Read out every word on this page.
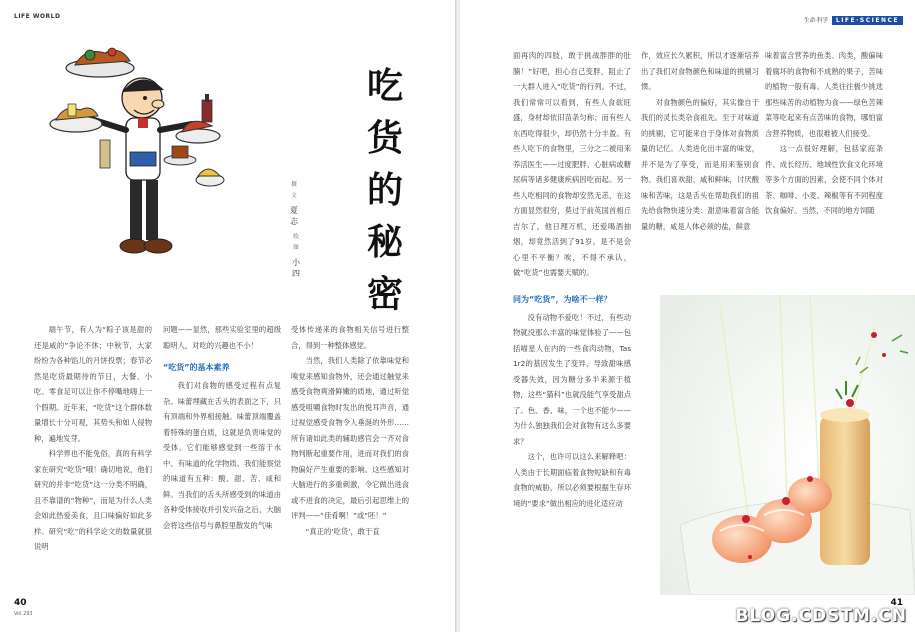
LIFE WORLD
吃
货
的
秘
密
撰文
夏志
绘图
小四

端午节，有人为“粽子该是甜的还是咸的”争论不休；中秋节，大家纷纷为各种馅儿的月饼投票；春节必然是吃货最期待的节日，大餐、小吃、零食足可以让你不停嘴地嗨上一个假期。近年来，“吃货”这个群体数量增长十分可观，其势头和如人侵物种，遍地发芽。

科学界也不能免俗，真的有科学家在研究“吃货”哦！确切地说，他们研究的并非“吃货”这一分类不明确，且不靠谱的“物种”，而是为什么人类会如此热爱美食，且口味偏好如此多样。研究“吃”的科学论文的数量就很说明

问题——显然，那些实验室里的超级聪明人，对吃的兴趣也不小！

“吃货”的基本素养

我们对食物的感受过程有点复杂。味蕾埋藏在舌头的表面之下，只有顶端和外界相接触。味蕾顶端覆盖着特殊的蛋白质，这就是负责味觉的受体。它们能够感觉到一些溶于水中、有味道的化学物质。我们能察觉的味道有五种：酸、甜、苦、咸和鲜。当我们的舌头所感受到的味道由各种受体接收并引发兴奋之后，大脑会将这些信号与鼻腔里散发的气味

受体传递来的食物相关信号进行整合，得到一种整体感觉。

当然，我们人类除了依靠味觉和嗅觉来感知食物外，还会通过触觉来感受食物爽滑鲜嫩的质地，通过听觉感受咀嚼食物时发出的悦耳声音，通过视觉感受食物令人垂涎的外形……所有诸如此类的辅助感官会一齐对食物判断起重要作用，进而对我们的食物偏好产生重要的影响。这些感知对大脑进行的多重刺激，令它做出进食或不进食的决定，最后引起思维上的评判——“佳肴啊！”或“呸！”

“真正的‘吃货’，敢于直

40
Vol.293
生命·科学 LIFE·SCIENCE

面再肉的四肢，敢于挑战胖胖的肚腩！”好吧，担心自己变胖，阻止了一大群人进入“吃货”的行列。不过，我们常常可以看到，有些人食欲旺盛，身材却依旧苗条匀称；而有些人东西吃得很少，却仍然十分丰盈。有些人吃下的食物里，三分之二被用来养活医生——过度肥胖、心脏病或糖尿病等诸多健康疾病因吃而起。另一些人吃相同的食物却安然无恙，在这方面显然很穷，莫过于前英国首相丘吉尔了，他日理万机，还爱喝酒抽烟，却竟然活到了91岁。是不是会心里不平衡？唉，不得不承认，做“吃货”也需要天赋的。

同为“吃货”，为啥不一样？

没有动物不爱吃！不过，有些动物就没那么丰富的味觉体验了——包括喵星人在内的一些食肉动物，Tas1r2的基因发生了变异，导致甜味感受器失效，因为糖分多半来源于植物，这些“猫科”也就没能气享受甜点了。色、香、味，一个也不能少——为什么独独我们会对食物有这么多要求？

这个，也许可以这么来解释吧：人类由于长期面临着食物短缺和有毒食物的威胁，所以必须要根据生存环境的“要求”做出相应的进化适应动

作，效应长久累积，所以才逐渐培养出了我们对食物颜色和味道的挑剔习惯。

对食物颜色的偏好，其实像自于我们的灵长类杂食祖先。至于对味道的挑剔，它可能来自于身体对食物质量的记忆。人类进化出丰富的味觉，并不是为了享受，而是用来鉴别食物。我们喜欢甜、咸和鲜味，讨厌酸味和苦味，这是舌头在帮助我们的祖先给食物快速分类：甜意味着富含能量的糖，咸是人体必须的盐，鲜意

味着富含营养的鱼类、肉类，酸偏味着腐坏的食物和不成熟的果子，苦味的植物一般有毒。人类往往极少挑选那些味苦的动植物为食——绿色苦辣菜等吃起来有点苦味的食物，哪怕富含营养物质，也很难被人们接受。

这一点很好理解，包括家庭条件、成长经历、地域性饮食文化环境等多个方面的因素，会使不同个体对茶、咖啡、小麦、辣椒等有不同程度饮食偏好。当然，不同的地方饲随

41
BLOG.CDSTM.CN
